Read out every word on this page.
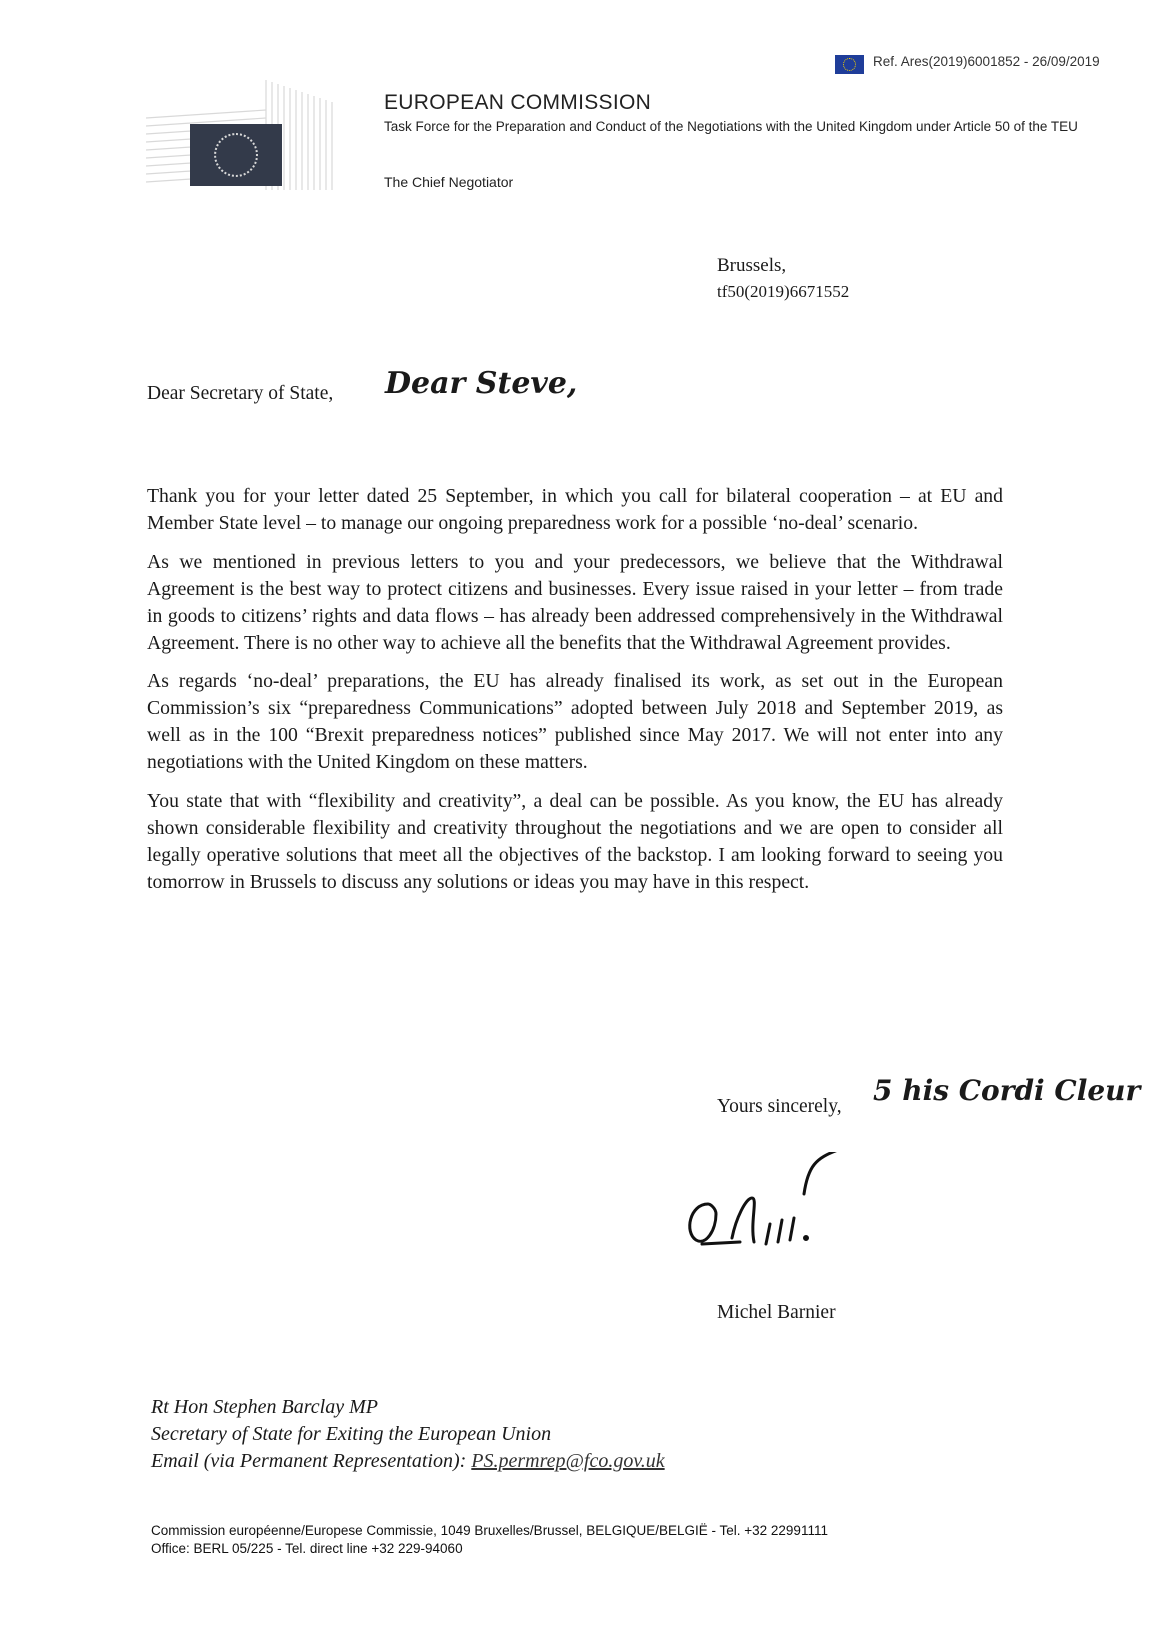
Ref. Ares(2019)6001852 - 26/09/2019
EUROPEAN COMMISSION
Task Force for the Preparation and Conduct of the Negotiations with the United Kingdom under Article 50 of the TEU
The Chief Negotiator
Brussels,
tf50(2019)6671552
Dear Secretary of State, Dear Steve,

Thank you for your letter dated 25 September, in which you call for bilateral cooperation – at EU and Member State level – to manage our ongoing preparedness work for a possible ‘no-deal’ scenario.

As we mentioned in previous letters to you and your predecessors, we believe that the Withdrawal Agreement is the best way to protect citizens and businesses. Every issue raised in your letter – from trade in goods to citizens’ rights and data flows – has already been addressed comprehensively in the Withdrawal Agreement. There is no other way to achieve all the benefits that the Withdrawal Agreement provides.

As regards ‘no-deal’ preparations, the EU has already finalised its work, as set out in the European Commission’s six “preparedness Communications” adopted between July 2018 and September 2019, as well as in the 100 “Brexit preparedness notices” published since May 2017. We will not enter into any negotiations with the United Kingdom on these matters.

You state that with “flexibility and creativity”, a deal can be possible. As you know, the EU has already shown considerable flexibility and creativity throughout the negotiations and we are open to consider all legally operative solutions that meet all the objectives of the backstop. I am looking forward to seeing you tomorrow in Brussels to discuss any solutions or ideas you may have in this respect.

Yours sincerely, 5 his Cordi Cleur
Michel Barnier
Rt Hon Stephen Barclay MP
Secretary of State for Exiting the European Union
Email (via Permanent Representation): PS.permrep@fco.gov.uk
Commission européenne/Europese Commissie, 1049 Bruxelles/Brussel, BELGIQUE/BELGIË - Tel. +32 22991111
Office: BERL 05/225 - Tel. direct line +32 229-94060
